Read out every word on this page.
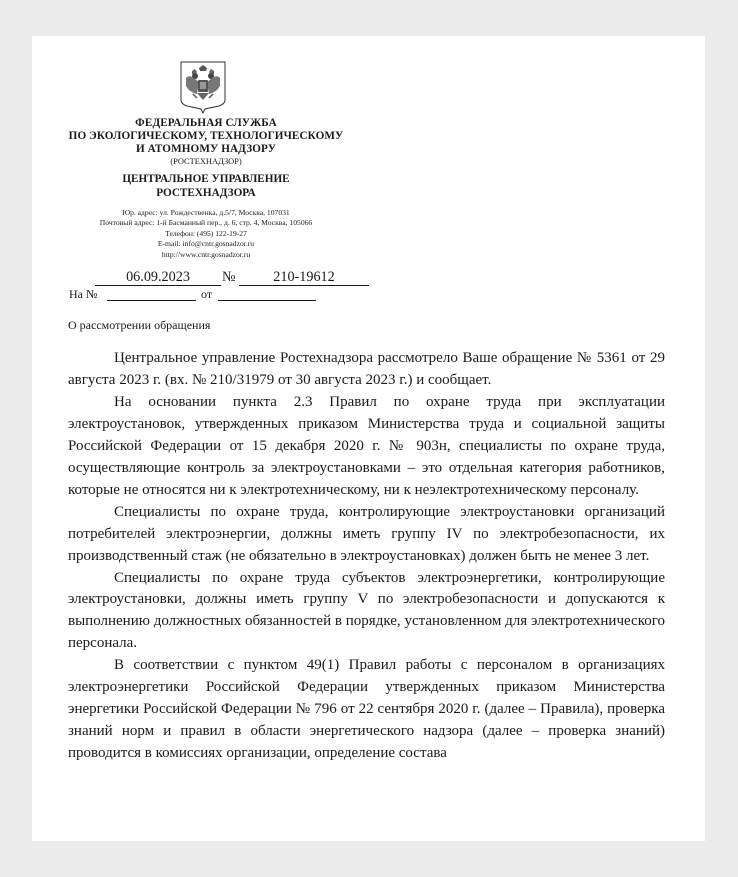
ФЕДЕРАЛЬНАЯ СЛУЖБА
ПО ЭКОЛОГИЧЕСКОМУ, ТЕХНОЛОГИЧЕСКОМУ
И АТОМНОМУ НАДЗОРУ
(РОСТЕХНАДЗОР)
ЦЕНТРАЛЬНОЕ УПРАВЛЕНИЕ
РОСТЕХНАДЗОРА
Юр. адрес: ул. Рождественка, д.5/7, Москва, 107031
Почтовый адрес: 1-й Басманный пер., д. 6, стр. 4, Москва, 105066
Телефон: (495) 122-19-27
E-mail: info@cntr.gosnadzor.ru
http://www.cntr.gosnadzor.ru
06.09.2023	№	210-19612
На №	от
О рассмотрении обращения

Центральное управление Ростехнадзора рассмотрело Ваше обращение № 5361 от 29 августа 2023 г. (вх. № 210/31979 от 30 августа 2023 г.) и сообщает.

На основании пункта 2.3 Правил по охране труда при эксплуатации электроустановок, утвержденных приказом Министерства труда и социальной защиты Российской Федерации от 15 декабря 2020 г. № 903н, специалисты по охране труда, осуществляющие контроль за электроустановками – это отдельная категория работников, которые не относятся ни к электротехническому, ни к неэлектротехническому персоналу.

Специалисты по охране труда, контролирующие электроустановки организаций потребителей электроэнергии, должны иметь группу IV по электробезопасности, их производственный стаж (не обязательно в электроустановках) должен быть не менее 3 лет.

Специалисты по охране труда субъектов электроэнергетики, контролирующие электроустановки, должны иметь группу V по электробезопасности и допускаются к выполнению должностных обязанностей в порядке, установленном для электротехнического персонала.

В соответствии с пунктом 49(1) Правил работы с персоналом в организациях электроэнергетики Российской Федерации утвержденных приказом Министерства энергетики Российской Федерации № 796 от 22 сентября 2020 г. (далее – Правила), проверка знаний норм и правил в области энергетического надзора (далее – проверка знаний) проводится в комиссиях организации, определение состава
